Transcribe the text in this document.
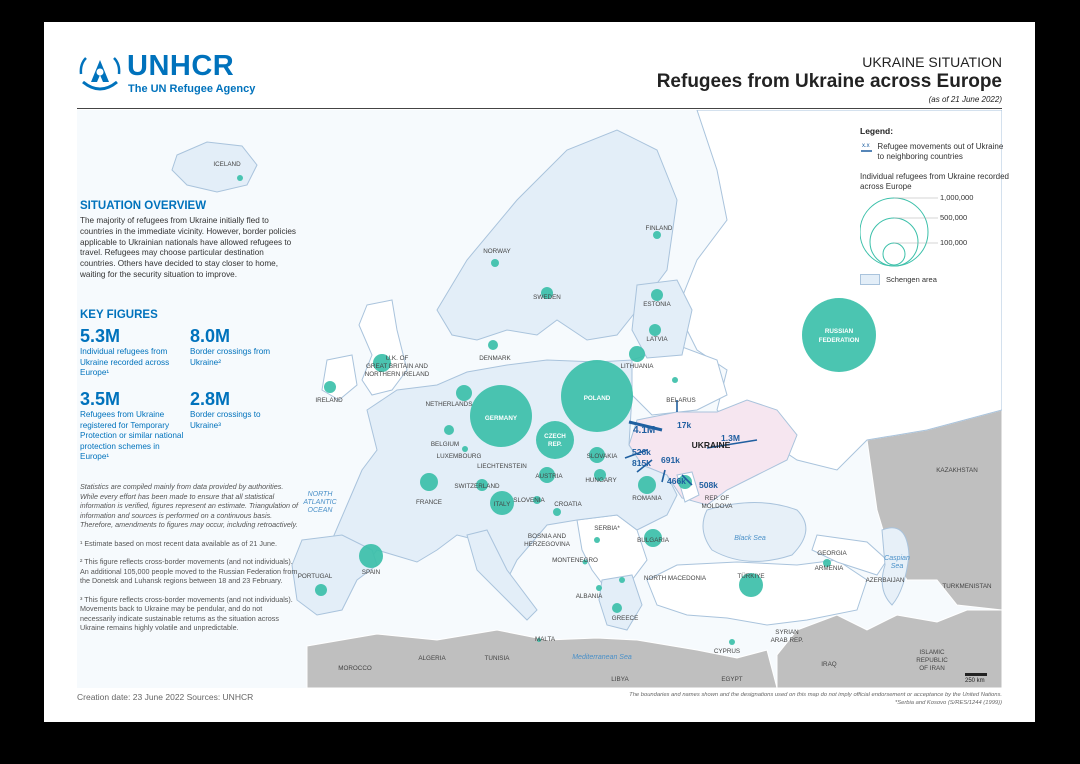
UNHCR
The UN Refugee Agency
UKRAINE SITUATION
Refugees from Ukraine across Europe
(as of 21 June 2022)
ICELAND
FINLAND
NORWAY
SWEDEN
ESTONIA
LATVIA
LITHUANIA
DENMARK
U.K. OF
GREAT BRITAIN AND
NORTHERN IRELAND
IRELAND
NETHERLANDS
BELGIUM
LUXEMBOURG
GERMANY
POLAND	BELARUS
RUSSIAN
FEDERATION
CZECH
REP.
SLOVAKIA
LIECHTENSTEIN
AUSTRIA
SWITZERLAND
HUNGARY
SLOVENIA
CROATIA
UKRAINE
REP. OF
MOLDOVA
ROMANIA
FRANCE	ITALY
BOSNIA AND
HERZEGOVINA
SERBIA*
MONTENEGRO
BULGARIA
NORTH MACEDONIA
ALBANIA
GREECE
PORTUGAL
SPAIN
MALTA
TÜRKIYE
GEORGIA
ARMENIA
AZERBAIJAN
KAZAKHSTAN
TURKMENISTAN
MOROCCO
ALGERIA	TUNISIA
LIBYA	EGYPT
CYPRUS
SYRIAN
ARAB REP.
IRAQ
ISLAMIC
REPUBLIC
OF IRAN
NORTH
ATLANTIC
OCEAN
Black Sea
Mediterranean Sea
Caspian
Sea
4.1M
1.3M
17k
526k
815k 691k
466k 508k
SITUATION OVERVIEW

The majority of refugees from Ukraine initially fled to countries in the immediate vicinity. However, border policies applicable to Ukrainian nationals have allowed refugees to travel. Refugees may choose particular destination countries. Others have decided to stay closer to home, waiting for the security situation to improve.

KEY FIGURES
5.3M
Individual refugees from Ukraine recorded across Europe¹
8.0M
Border crossings from Ukraine²
3.5M
Refugees from Ukraine registered for Temporary Protection or similar national protection schemes in Europe¹
2.8M
Border crossings to Ukraine³
Statistics are compiled mainly from data provided by authorities. While every effort has been made to ensure that all statistical information is verified, figures represent an estimate. Triangulation of information and sources is performed on a continuous basis. Therefore, amendments to figures may occur, including retroactively.
¹ Estimate based on most recent data available as of 21 June.
² This figure reflects cross-border movements (and not individuals). An additional 105,000 people moved to the Russian Federation from the Donetsk and Luhansk regions between 18 and 23 February.
³ This figure reflects cross-border movements (and not individuals). Movements back to Ukraine may be pendular, and do not necessarily indicate sustainable returns as the situation across Ukraine remains highly volatile and unpredictable.
Legend:
x.x Refugee movements out of Ukraine to neighboring countries
Individual refugees from Ukraine recorded across Europe
1,000,000
500,000
100,000
Schengen area
250 km
Creation date: 23 June 2022 Sources: UNHCR	The boundaries and names shown and the designations used on this map do not imply official endorsement or acceptance by the United Nations.
*Serbia and Kosovo (S/RES/1244 (1999))
